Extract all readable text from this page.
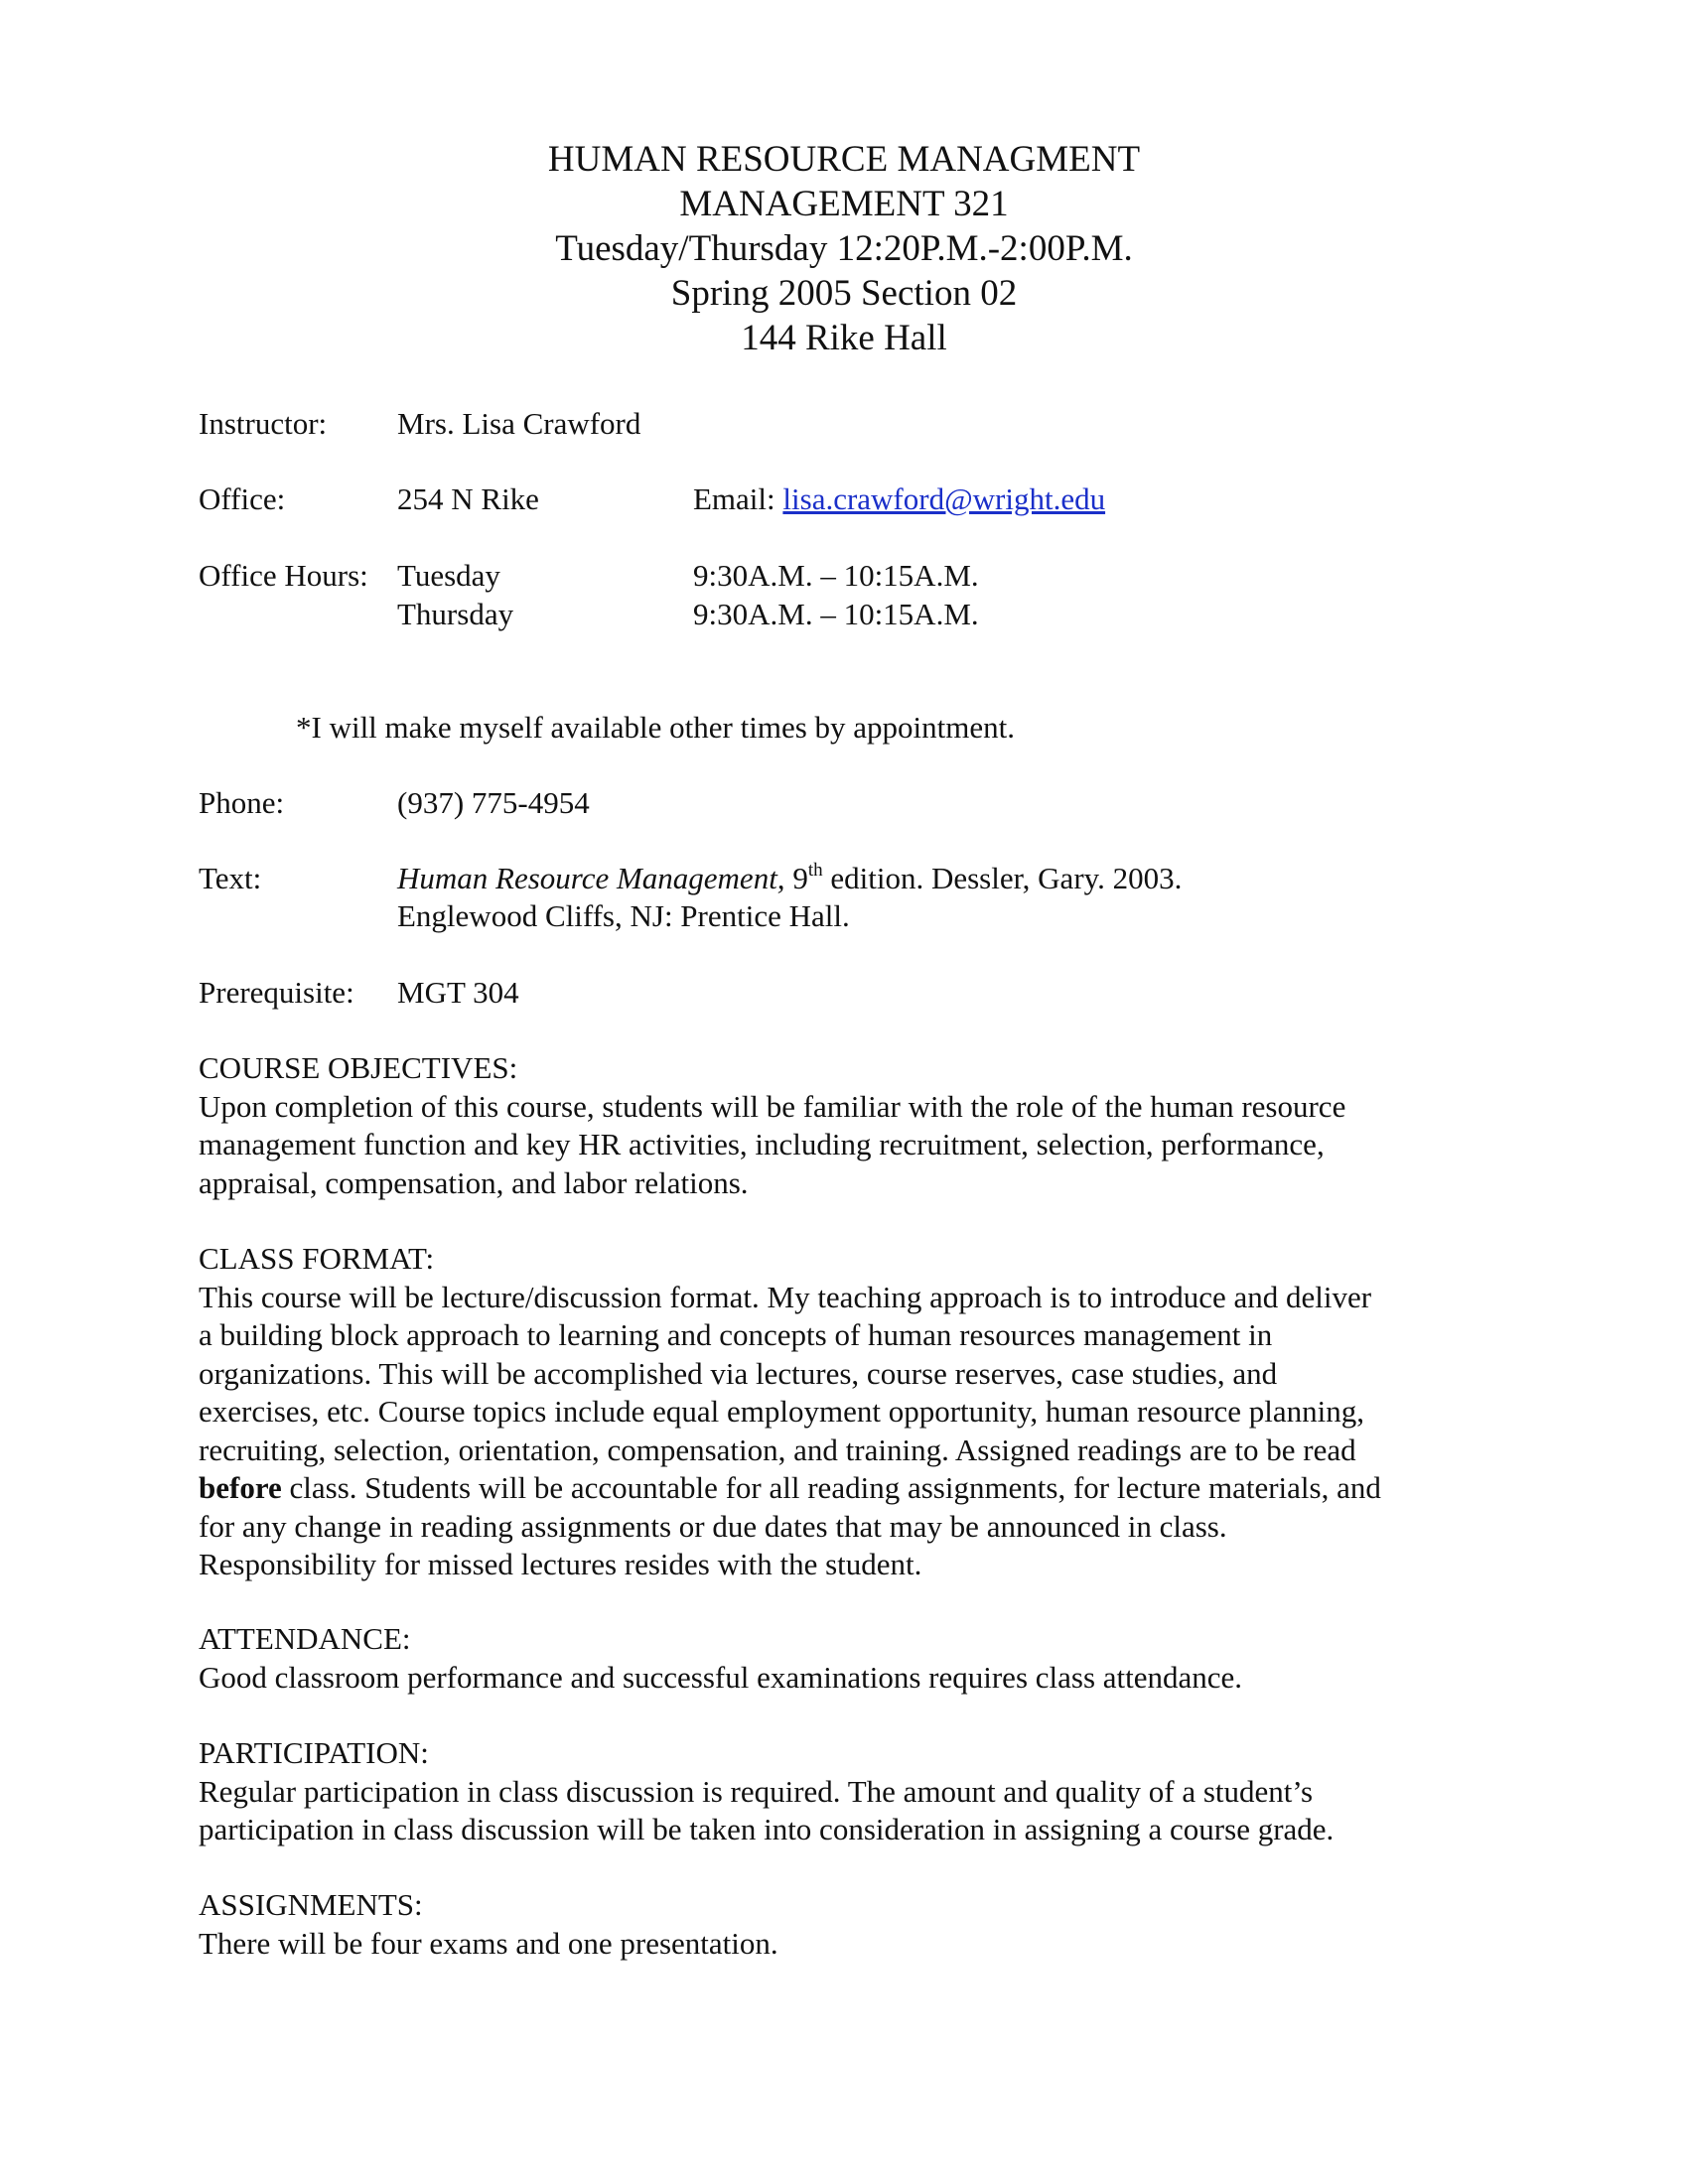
HUMAN RESOURCE MANAGMENT
MANAGEMENT 321
Tuesday/Thursday 12:20P.M.-2:00P.M.
Spring 2005 Section 02
144 Rike Hall
Instructor: Mrs. Lisa Crawford
Office:	254 N Rike	Email: lisa.crawford@wright.edu
Office Hours: Tuesday	9:30A.M. – 10:15A.M.
Thursday	9:30A.M. – 10:15A.M.
*I will make myself available other times by appointment.
Phone:	(937) 775-4954
Text:	Human Resource Management, 9th edition. Dessler, Gary. 2003.
Englewood Cliffs, NJ: Prentice Hall.
Prerequisite: MGT 304

COURSE OBJECTIVES:

Upon completion of this course, students will be familiar with the role of the human resource

management function and key HR activities, including recruitment, selection, performance,

appraisal, compensation, and labor relations.

CLASS FORMAT:

This course will be lecture/discussion format. My teaching approach is to introduce and deliver

a building block approach to learning and concepts of human resources management in

organizations. This will be accomplished via lectures, course reserves, case studies, and

exercises, etc. Course topics include equal employment opportunity, human resource planning,

recruiting, selection, orientation, compensation, and training. Assigned readings are to be read

before class. Students will be accountable for all reading assignments, for lecture materials, and

for any change in reading assignments or due dates that may be announced in class.

Responsibility for missed lectures resides with the student.

ATTENDANCE:

Good classroom performance and successful examinations requires class attendance.

PARTICIPATION:

Regular participation in class discussion is required. The amount and quality of a student’s

participation in class discussion will be taken into consideration in assigning a course grade.

ASSIGNMENTS:

There will be four exams and one presentation.
